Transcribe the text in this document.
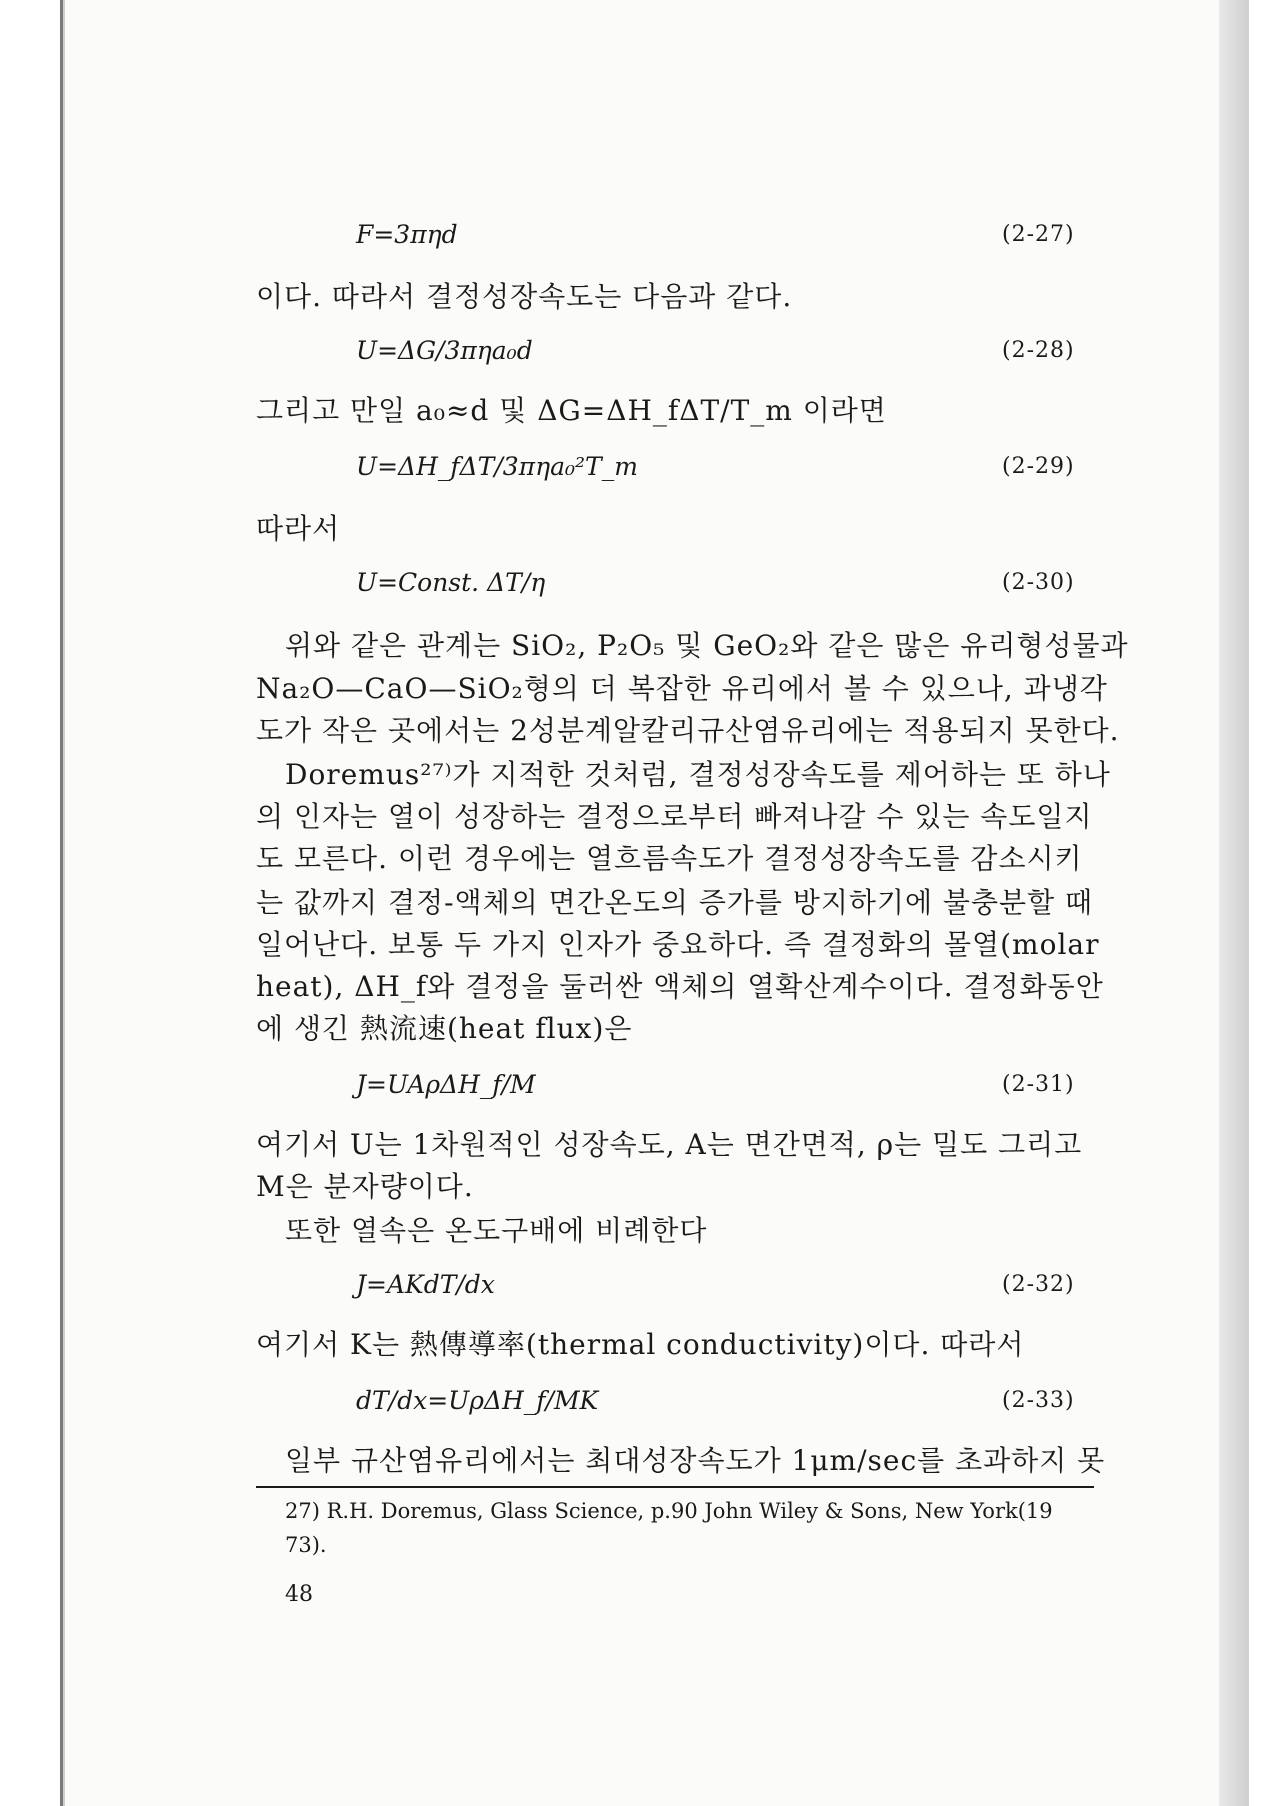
F=3πηd	(2-27)
이다. 따라서 결정성장속도는 다음과 같다.
U=ΔG/3πηa₀d	(2-28)
그리고 만일 a₀≈d 및 ΔG=ΔH_fΔT/T_m 이라면
U=ΔH_fΔT/3πηa₀²T_m	(2-29)
따라서
U=Const. ΔT/η	(2-30)
위와 같은 관계는 SiO₂, P₂O₅ 및 GeO₂와 같은 많은 유리형성물과
Na₂O—CaO—SiO₂형의 더 복잡한 유리에서 볼 수 있으나, 과냉각
도가 작은 곳에서는 2성분계알칼리규산염유리에는 적용되지 못한다.
Doremus²⁷⁾가 지적한 것처럼, 결정성장속도를 제어하는 또 하나
의 인자는 열이 성장하는 결정으로부터 빠져나갈 수 있는 속도일지
도 모른다. 이런 경우에는 열흐름속도가 결정성장속도를 감소시키
는 값까지 결정-액체의 면간온도의 증가를 방지하기에 불충분할 때
일어난다. 보통 두 가지 인자가 중요하다. 즉 결정화의 몰열(molar
heat), ΔH_f와 결정을 둘러싼 액체의 열확산계수이다. 결정화동안
에 생긴 熱流速(heat flux)은
J=UAρΔH_f/M	(2-31)
여기서 U는 1차원적인 성장속도, A는 면간면적, ρ는 밀도 그리고
M은 분자량이다.
또한 열속은 온도구배에 비례한다
J=AKdT/dx	(2-32)
여기서 K는 熱傳導率(thermal conductivity)이다. 따라서
dT/dx=UρΔH_f/MK	(2-33)
일부 규산염유리에서는 최대성장속도가 1μm/sec를 초과하지 못
27) R.H. Doremus, Glass Science, p.90 John Wiley & Sons, New York(19
73).
48
